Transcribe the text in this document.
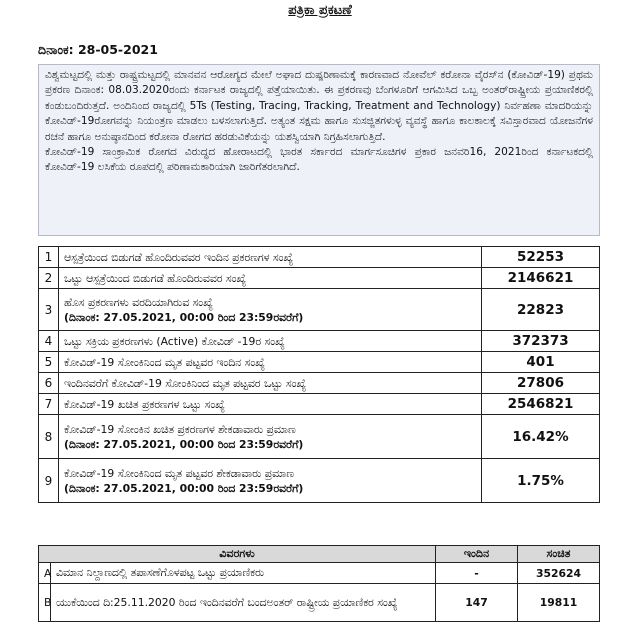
ಪತ್ರಿಕಾ ಪ್ರಕಟಣೆ
ದಿನಾಂಕ: 28-05-2021

ವಿಶ್ವಮಟ್ಟದಲ್ಲಿ ಮತ್ತು ರಾಷ್ಟ್ರಮಟ್ಟದಲ್ಲಿ ಮಾನವನ ಆರೋಗ್ಯದ ಮೇಲೆ ಅಘಾದ ದುಷ್ಪರಿಣಾಮಕ್ಕೆ ಕಾರಣವಾದ ನೋವೆಲ್ ಕರೋನಾ ವೈರಸ್‌ನ (ಕೋವಿಡ್-19) ಪ್ರಥಮ ಪ್ರಕರಣ ದಿನಾಂಕ: 08.03.2020ರಂದು ಕರ್ನಾಟಕ ರಾಜ್ಯದಲ್ಲಿ ಪತ್ತೆಯಾಯಿತು. ಈ ಪ್ರಕರಣವು ಬೆಂಗಳೂರಿಗೆ ಆಗಮಿಸಿದ ಒಬ್ಬ ಅಂತರ್‌ರಾಷ್ಟ್ರೀಯ ಪ್ರಯಾಣಿಕರಲ್ಲಿ ಕಂಡುಬಂದಿರುತ್ತದೆ. ಅಂದಿನಿಂದ ರಾಜ್ಯದಲ್ಲಿ 5Ts (Testing, Tracing, Tracking, Treatment and Technology) ನಿರ್ವಹಣಾ ಮಾದರಿಯನ್ನು ಕೋವಿಡ್-19ರೋಗವನ್ನು ನಿಯಂತ್ರಣ ಮಾಡಲು ಬಳಸಲಾಗುತ್ತಿದೆ. ಅತ್ಯಂತ ಸಕ್ಷಮ ಹಾಗೂ ಸುಸಜ್ಜಿತಗಳುಳ್ಳ ವ್ಯವಸ್ಥೆ ಹಾಗೂ ಕಾಲಕಾಲಕ್ಕೆ ಸವಿಸ್ತಾರವಾದ ಯೋಜನೆಗಳ ರಚನೆ ಹಾಗೂ ಅನುಷ್ಠಾನದಿಂದ ಕರೋನಾ ರೋಗದ ಹರಡುವಿಕೆಯನ್ನು ಯಶಸ್ವಿಯಾಗಿ ನಿಗ್ರಹಿಸಲಾಗುತ್ತಿದೆ.

ಕೋವಿಡ್-19 ಸಾಂಕ್ರಾಮಿಕ ರೋಗದ ವಿರುದ್ಧದ ಹೋರಾಟದಲ್ಲಿ ಭಾರತ ಸರ್ಕಾರದ ಮಾರ್ಗಸೂಚಿಗಳ ಪ್ರಕಾರ ಜನವರಿ16, 2021ರಿಂದ ಕರ್ನಾಟಕದಲ್ಲಿ ಕೋವಿಡ್-19 ಲಸಿಕೆಯ ರೂಪದಲ್ಲಿ ಪರಿಣಾಮಕಾರಿಯಾಗಿ ಜಾರಿಗೆತರಲಾಗಿದೆ.

1	ಆಸ್ಪತ್ರೆಯಿಂದ ಬಿಡುಗಡೆ ಹೊಂದಿರುವವರ ಇಂದಿನ ಪ್ರಕರಣಗಳ ಸಂಖ್ಯೆ	52253
2	ಒಟ್ಟು ಆಸ್ಪತ್ರೆಯಿಂದ ಬಿಡುಗಡೆ ಹೊಂದಿರುವವರ ಸಂಖ್ಯೆ	2146621
3	ಹೊಸ ಪ್ರಕರಣಗಳು ವರದಿಯಾಗಿರುವ ಸಂಖ್ಯೆ
(ದಿನಾಂಕ: 27.05.2021, 00:00 ರಿಂದ 23:59ರವರೆಗೆ)	22823
4	ಒಟ್ಟು ಸಕ್ರಿಯ ಪ್ರಕರಣಗಳು (Active) ಕೋವಿಡ್ -19ರ ಸಂಖ್ಯೆ	372373
5	ಕೋವಿಡ್-19 ಸೋಂಕಿನಿಂದ ಮೃತ ಪಟ್ಟವರ ಇಂದಿನ ಸಂಖ್ಯೆ	401
6	ಇಂದಿನವರೆಗೆ ಕೋವಿಡ್-19 ಸೋಂಕಿನಿಂದ ಮೃತ ಪಟ್ಟವರ ಒಟ್ಟು ಸಂಖ್ಯೆ	27806
7	ಕೋವಿಡ್-19 ಖಚಿತ ಪ್ರಕರಣಗಳ ಒಟ್ಟು ಸಂಖ್ಯೆ	2546821
8	ಕೋವಿಡ್-19 ಸೋಂಕಿನ ಖಚಿತ ಪ್ರಕರಣಗಳ ಶೇಕಡಾವಾರು ಪ್ರಮಾಣ
(ದಿನಾಂಕ: 27.05.2021, 00:00 ರಿಂದ 23:59ರವರೆಗೆ)	16.42%
9	ಕೋವಿಡ್-19 ಸೋಂಕಿನಿಂದ ಮೃತ ಪಟ್ಟವರ ಶೇಕಡಾವಾರು ಪ್ರಮಾಣ
(ದಿನಾಂಕ: 27.05.2021, 00:00 ರಿಂದ 23:59ರವರೆಗೆ)	1.75%
ವಿವರಗಳು		ಇಂದಿನ	ಸಂಚಿತ
A	ವಿಮಾನ ನಿಲ್ದಾಣದಲ್ಲಿ ತಪಾಸಣೆಗೊಳಪಟ್ಟ ಒಟ್ಟು ಪ್ರಯಾಣಿಕರು	-	352624
B	ಯುಕೆಯಿಂದ ದಿ:25.11.2020 ರಿಂದ ಇಂದಿನವರೆಗೆ ಬಂದಅಂತರ್ ರಾಷ್ಟ್ರೀಯ ಪ್ರಯಾಣಿಕರ ಸಂಖ್ಯೆ	147	19811
